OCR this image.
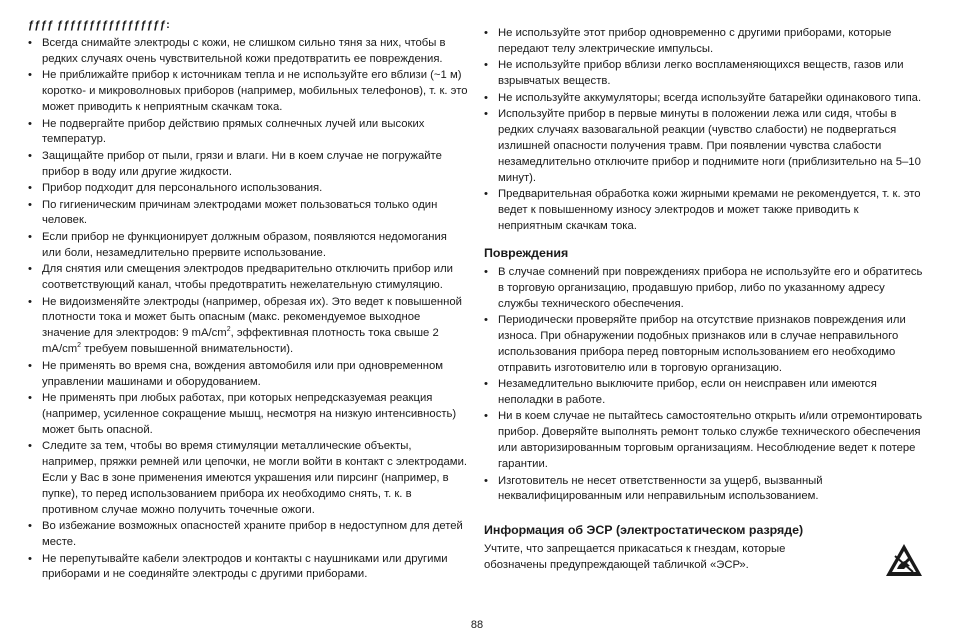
ƒƒƒƒ ƒƒƒƒƒƒƒƒƒƒƒƒƒƒƒƒƒ:
• Всегда снимайте электроды с кожи, не слишком сильно тяня за них, чтобы в редких случаях очень чувствительной кожи предотвратить ее повреждения.
• Не приближайте прибор к источникам тепла и не используйте его вблизи (~1 м) коротко- и микроволновых приборов (например, мобильных телефонов), т. к. это может приводить к неприятным скачкам тока.
• Не подвергайте прибор действию прямых солнечных лучей или высоких температур.
• Защищайте прибор от пыли, грязи и влаги. Ни в коем случае не погружайте прибор в воду или другие жидкости.
• Прибор подходит для персонального использования.
• По гигиеническим причинам электродами может пользоваться только один человек.
• Если прибор не функционирует должным образом, появляются недомогания или боли, незамедлительно прервите использование.
• Для снятия или смещения электродов предварительно отключить прибор или соответствующий канал, чтобы предотвратить нежелательную стимуляцию.
• Не видоизменяйте электроды (например, обрезая их). Это ведет к повышенной плотности тока и может быть опасным (макс. рекомендуемое выходное значение для электродов: 9 $mA/cm^2$, эффективная плотность тока свыше 2 $mA/cm^2$ требуем повышенной внимательности).
• Не применять во время сна, вождения автомобиля или при одновременном управлении машинами и оборудованием.
• Не применять при любых работах, при которых непредсказуемая реакция (например, усиленное сокращение мышц, несмотря на низкую интенсивность) может быть опасной.
• Следите за тем, чтобы во время стимуляции металлические объекты, например, пряжки ремней или цепочки, не могли войти в контакт с электродами. Если у Вас в зоне применения имеются украшения или пирсинг (например, в пупке), то перед использованием прибора их необходимо снять, т. к. в противном случае можно получить точечные ожоги.
• Во избежание возможных опасностей храните прибор в недоступном для детей месте.
• Не перепутывайте кабели электродов и контакты с наушниками или другими приборами и не соединяйте электроды с другими приборами.
• Не используйте этот прибор одновременно с другими приборами, которые передают телу электрические импульсы.
• Не используйте прибор вблизи легко воспламеняющихся веществ, газов или взрывчатых веществ.
• Не используйте аккумуляторы; всегда используйте батарейки одинакового типа.
• Используйте прибор в первые минуты в положении лежа или сидя, чтобы в редких случаях вазовагальной реакции (чувство слабости) не подвергаться излишней опасности получения травм. При появлении чувства слабости незамедлительно отключите прибор и поднимите ноги (приблизительно на 5–10 минут).
• Предварительная обработка кожи жирными кремами не рекомендуется, т. к. это ведет к повышенному износу электродов и может также приводить к неприятным скачкам тока.
Повреждения
• В случае сомнений при повреждениях прибора не используйте его и обратитесь в торговую организацию, продавшую прибор, либо по указанному адресу службы технического обеспечения.
• Периодически проверяйте прибор на отсутствие признаков повреждения или износа. При обнаружении подобных признаков или в случае неправильного использования прибора перед повторным использованием его необходимо отправить изготовителю или в торговую организацию.
• Незамедлительно выключите прибор, если он неисправен или имеются неполадки в работе.
• Ни в коем случае не пытайтесь самостоятельно открыть и/или отремонтировать прибор. Доверяйте выполнять ремонт только службе технического обеспечения или авторизированным торговым организациям. Несоблюдение ведет к потере гарантии.
• Изготовитель не несет ответственности за ущерб, вызванный неквалифицированным или неправильным использованием.
Информация об ЭСР (электростатическом разряде)

Учтите, что запрещается прикасаться к гнездам, которые обозначены предупреждающей табличкой «ЭСР».

88
